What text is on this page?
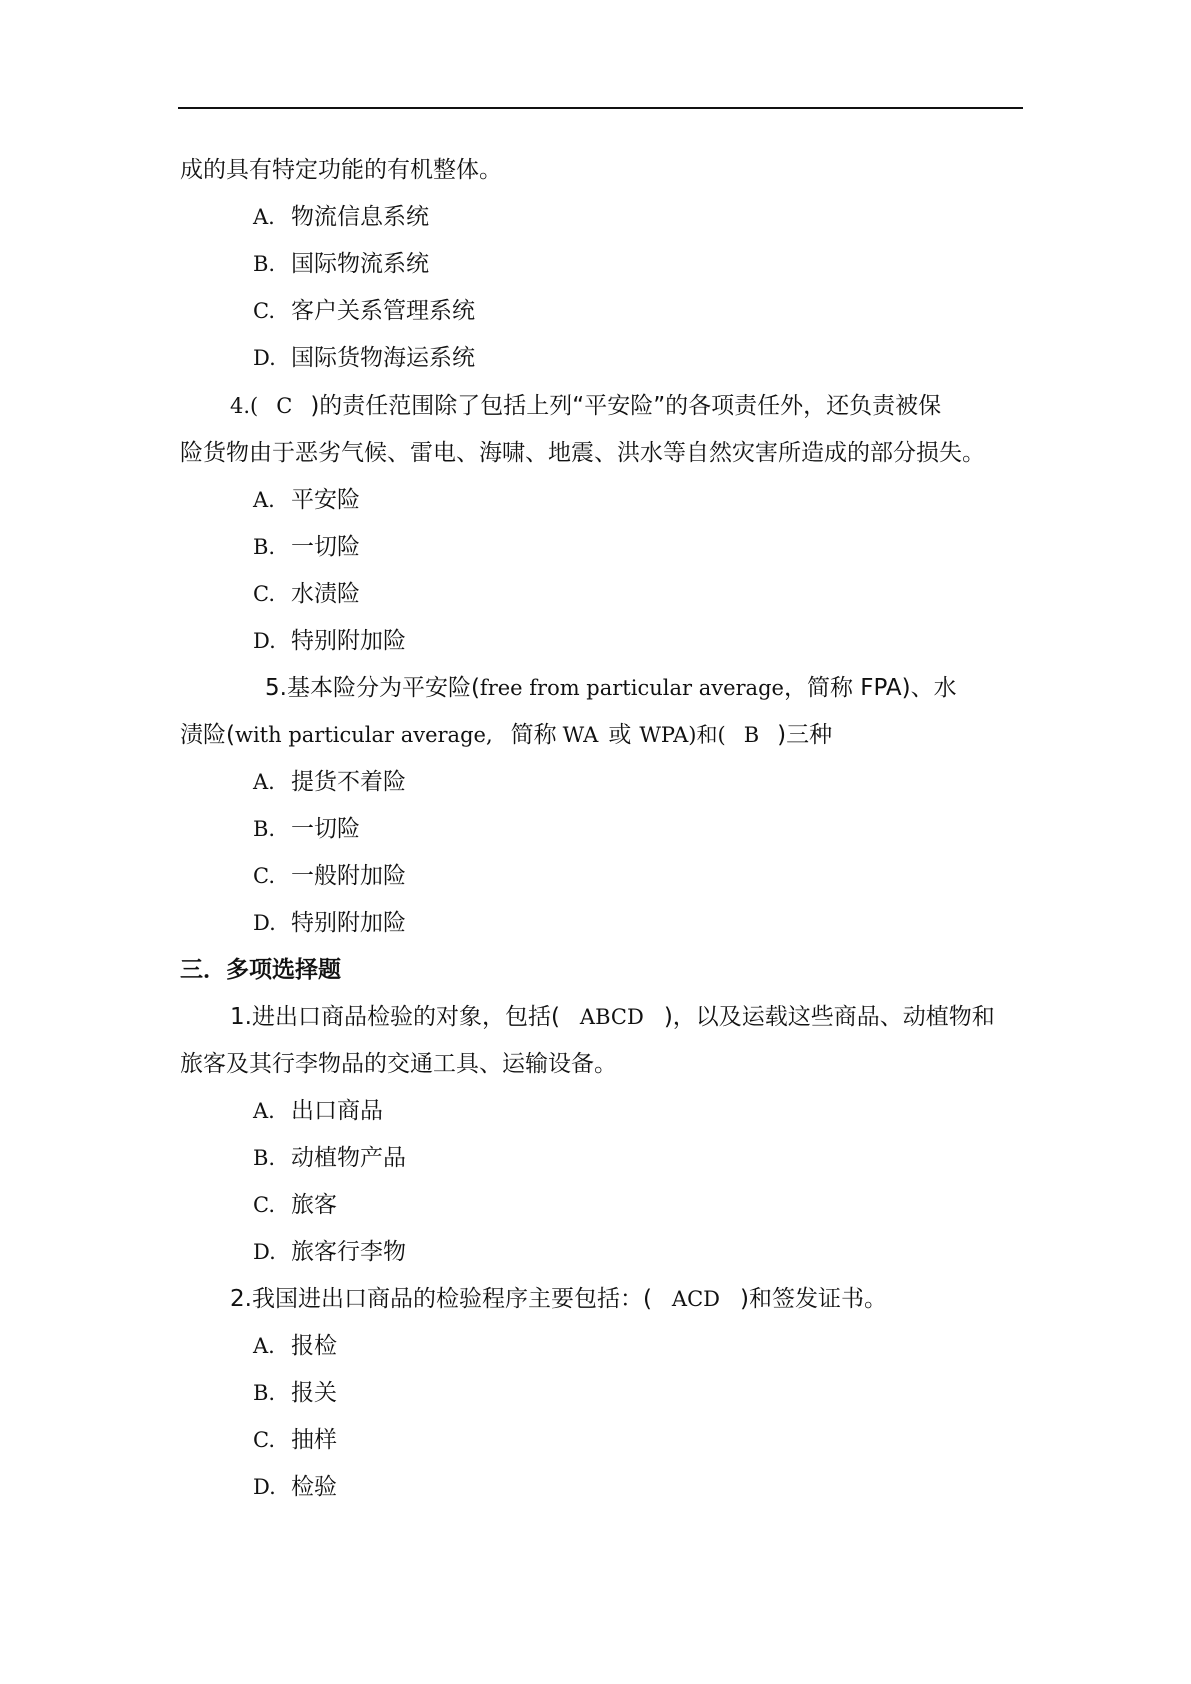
成的具有特定功能的有机整体。
A. 物流信息系统
B. 国际物流系统
C. 客户关系管理系统
D. 国际货物海运系统
4.( C )的责任范围除了包括上列“平安险”的各项责任外，还负责被保
险货物由于恶劣气候、雷电、海啸、地震、洪水等自然灾害所造成的部分损失。
A. 平安险
B. 一切险
C. 水渍险
D. 特别附加险
5.基本险分为平安险(free from particular average，简称 FPA)、水
渍险(with particular average, 简称 WA 或 WPA)和( B )三种
A. 提货不着险
B. 一切险
C. 一般附加险
D. 特别附加险
三．多项选择题
1.进出口商品检验的对象，包括( ABCD )，以及运载这些商品、动植物和
旅客及其行李物品的交通工具、运输设备。
A. 出口商品
B. 动植物产品
C. 旅客
D. 旅客行李物
2.我国进出口商品的检验程序主要包括：( ACD )和签发证书。
A. 报检
B. 报关
C. 抽样
D. 检验
